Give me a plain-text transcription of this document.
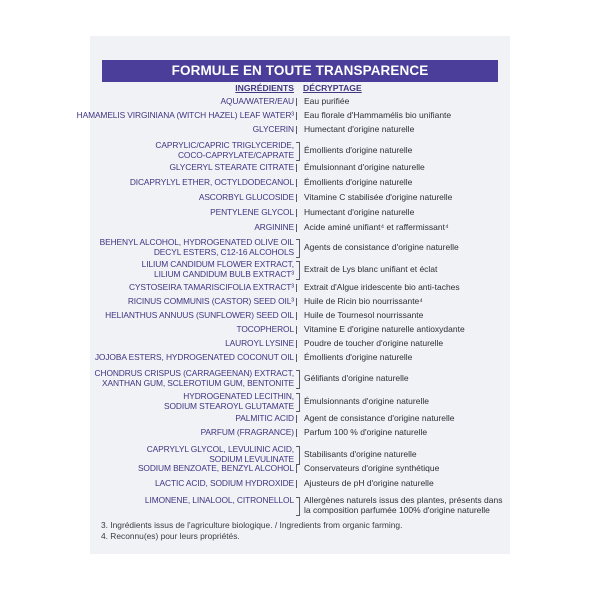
FORMULE EN TOUTE TRANSPARENCE
INGRÉDIENTS DÉCRYPTAGE
AQUA/WATER/EAU Eau purifiée
HAMAMELIS VIRGINIANA (WITCH HAZEL) LEAF WATER³ Eau florale d'Hammamélis bio unifiante
GLYCERIN Humectant d'origine naturelle
CAPRYLIC/CAPRIC TRIGLYCERIDE,
COCO-CAPRYLATE/CAPRATE Émollients d'origine naturelle
GLYCERYL STEARATE CITRATE Émulsionnant d'origine naturelle
DICAPRYLYL ETHER, OCTYLDODECANOL Émollients d'origine naturelle
ASCORBYL GLUCOSIDE Vitamine C stabilisée d'origine naturelle
PENTYLENE GLYCOL Humectant d'origine naturelle
ARGININE Acide aminé unifiant⁴ et raffermissant⁴
BEHENYL ALCOHOL, HYDROGENATED OLIVE OIL
DECYL ESTERS, C12-16 ALCOHOLS Agents de consistance d'origine naturelle
LILIUM CANDIDUM FLOWER EXTRACT,
LILIUM CANDIDUM BULB EXTRACT³ Extrait de Lys blanc unifiant et éclat
CYSTOSEIRA TAMARISCIFOLIA EXTRACT³ Extrait d'Algue iridescente bio anti-taches
RICINUS COMMUNIS (CASTOR) SEED OIL³ Huile de Ricin bio nourrissante⁴
HELIANTHUS ANNUUS (SUNFLOWER) SEED OIL Huile de Tournesol nourrissante
TOCOPHEROL Vitamine E d'origine naturelle antioxydante
LAUROYL LYSINE Poudre de toucher d'origine naturelle
JOJOBA ESTERS, HYDROGENATED COCONUT OIL Émollients d'origine naturelle
CHONDRUS CRISPUS (CARRAGEENAN) EXTRACT,
XANTHAN GUM, SCLEROTIUM GUM, BENTONITE Gélifiants d'origine naturelle
HYDROGENATED LECITHIN,
SODIUM STEAROYL GLUTAMATE Émulsionnants d'origine naturelle
PALMITIC ACID Agent de consistance d'origine naturelle
PARFUM (FRAGRANCE) Parfum 100 % d'origine naturelle
CAPRYLYL GLYCOL, LEVULINIC ACID,
SODIUM LEVULINATE Stabilisants d'origine naturelle
SODIUM BENZOATE, BENZYL ALCOHOL Conservateurs d'origine synthétique
LACTIC ACID, SODIUM HYDROXIDE Ajusteurs de pH d'origine naturelle
LIMONENE, LINALOOL, CITRONELLOL Allergènes naturels issus des plantes, présents dans
la composition parfumée 100% d'origine naturelle
3. Ingrédients issus de l'agriculture biologique. / Ingredients from organic farming.
4. Reconnu(es) pour leurs propriétés.
